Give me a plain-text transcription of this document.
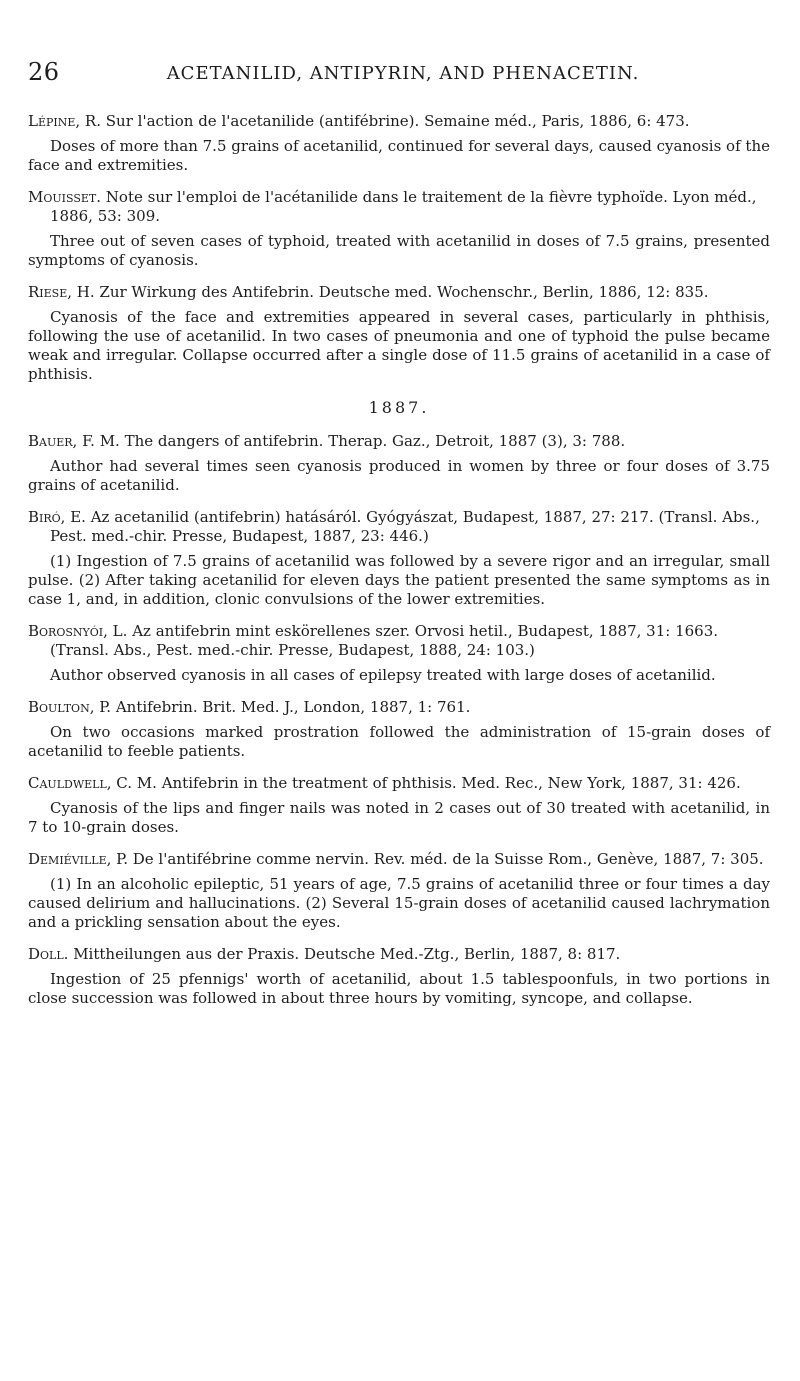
26	ACETANILID, ANTIPYRIN, AND PHENACETIN.
Lépine, R. Sur l'action de l'acetanilide (antifébrine). Semaine méd., Paris, 1886, 6: 473.
Doses of more than 7.5 grains of acetanilid, continued for several days, caused cyanosis of the face and extremities.
Mouisset. Note sur l'emploi de l'acétanilide dans le traitement de la fièvre typhoïde. Lyon méd., 1886, 53: 309.
Three out of seven cases of typhoid, treated with acetanilid in doses of 7.5 grains, presented symptoms of cyanosis.
Riese, H. Zur Wirkung des Antifebrin. Deutsche med. Wochenschr., Berlin, 1886, 12: 835.
Cyanosis of the face and extremities appeared in several cases, particularly in phthisis, following the use of acetanilid. In two cases of pneumonia and one of typhoid the pulse became weak and irregular. Collapse occurred after a single dose of 11.5 grains of acetanilid in a case of phthisis.
1887.
Bauer, F. M. The dangers of antifebrin. Therap. Gaz., Detroit, 1887 (3), 3: 788.
Author had several times seen cyanosis produced in women by three or four doses of 3.75 grains of acetanilid.
Biró, E. Az acetanilid (antifebrin) hatásáról. Gyógyászat, Budapest, 1887, 27: 217. (Transl. Abs., Pest. med.-chir. Presse, Budapest, 1887, 23: 446.)
(1) Ingestion of 7.5 grains of acetanilid was followed by a severe rigor and an irregular, small pulse. (2) After taking acetanilid for eleven days the patient presented the same symptoms as in case 1, and, in addition, clonic convulsions of the lower extremities.
Borosnyói, L. Az antifebrin mint eskörellenes szer. Orvosi hetil., Budapest, 1887, 31: 1663. (Transl. Abs., Pest. med.-chir. Presse, Budapest, 1888, 24: 103.)
Author observed cyanosis in all cases of epilepsy treated with large doses of acetanilid.
Boulton, P. Antifebrin. Brit. Med. J., London, 1887, 1: 761.
On two occasions marked prostration followed the administration of 15-grain doses of acetanilid to feeble patients.
Cauldwell, C. M. Antifebrin in the treatment of phthisis. Med. Rec., New York, 1887, 31: 426.
Cyanosis of the lips and finger nails was noted in 2 cases out of 30 treated with acetanilid, in 7 to 10-grain doses.
Demiéville, P. De l'antifébrine comme nervin. Rev. méd. de la Suisse Rom., Genève, 1887, 7: 305.
(1) In an alcoholic epileptic, 51 years of age, 7.5 grains of acetanilid three or four times a day caused delirium and hallucinations. (2) Several 15-grain doses of acetanilid caused lachrymation and a prickling sensation about the eyes.
Doll. Mittheilungen aus der Praxis. Deutsche Med.-Ztg., Berlin, 1887, 8: 817.
Ingestion of 25 pfennigs' worth of acetanilid, about 1.5 tablespoonfuls, in two portions in close succession was followed in about three hours by vomiting, syncope, and collapse.
